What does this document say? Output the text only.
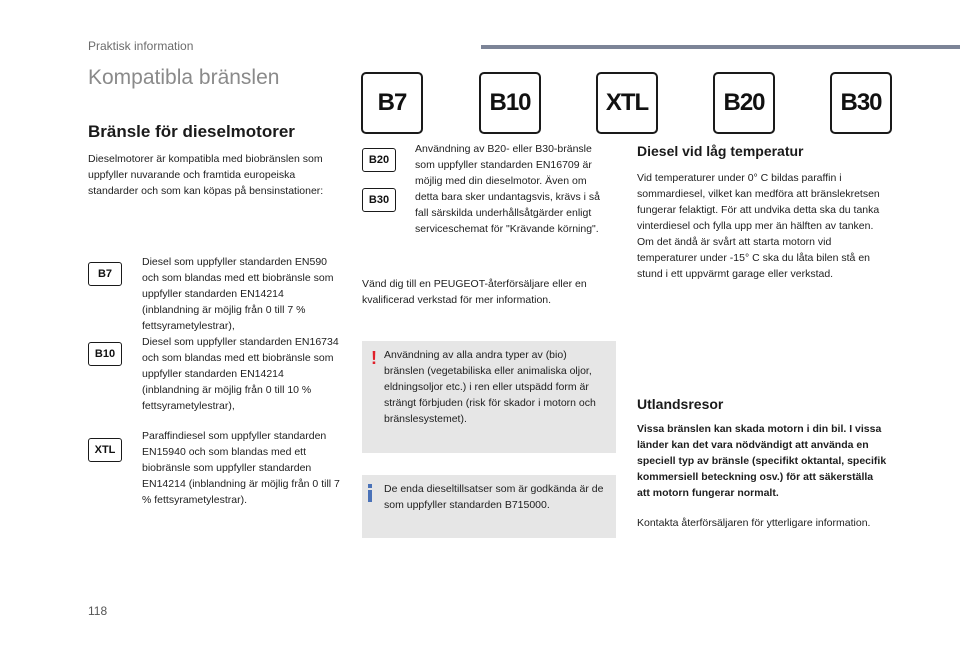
Praktisk information
Kompatibla bränslen
B7	B10	XTL	B20	B30
Bränsle för dieselmotorer

Dieselmotorer är kompatibla med biobränslen som uppfyller nuvarande och framtida europeiska standarder och som kan köpas på bensinstationer:

B7

Diesel som uppfyller standarden EN590 och som blandas med ett biobränsle som uppfyller standarden EN14214 (inblandning är möjlig från 0 till 7 % fettsyrametylestrar),

B10

Diesel som uppfyller standarden EN16734 och som blandas med ett biobränsle som uppfyller standarden EN14214 (inblandning är möjlig från 0 till 10 % fettsyrametylestrar),

XTL

Paraffindiesel som uppfyller standarden EN15940 och som blandas med ett biobränsle som uppfyller standarden EN14214 (inblandning är möjlig från 0 till 7 % fettsyrametylestrar).

B20
B30

Användning av B20- eller B30-bränsle som uppfyller standarden EN16709 är möjlig med din dieselmotor. Även om detta bara sker undantagsvis, krävs i så fall särskilda underhållsåtgärder enligt serviceschemat för "Krävande körning".

Vänd dig till en PEUGEOT-återförsäljare eller en kvalificerad verkstad för mer information.

! Användning av alla andra typer av (bio) bränslen (vegetabiliska eller animaliska oljor, eldningsoljor etc.) i ren eller utspädd form är strängt förbjuden (risk för skador i motorn och bränslesystemet).

De enda dieseltillsatser som är godkända är de som uppfyller standarden B715000.

Diesel vid låg temperatur

Vid temperaturer under 0° C bildas paraffin i sommardiesel, vilket kan medföra att bränslekretsen fungerar felaktigt. För att undvika detta ska du tanka vinterdiesel och fylla upp mer än hälften av tanken.

Om det ändå är svårt att starta motorn vid temperaturer under -15° C ska du låta bilen stå en stund i ett uppvärmt garage eller verkstad.

Utlandsresor

Vissa bränslen kan skada motorn i din bil. I vissa länder kan det vara nödvändigt att använda en speciell typ av bränsle (specifikt oktantal, specifik kommersiell beteckning osv.) för att säkerställa att motorn fungerar normalt.

Kontakta återförsäljaren för ytterligare information.

118
